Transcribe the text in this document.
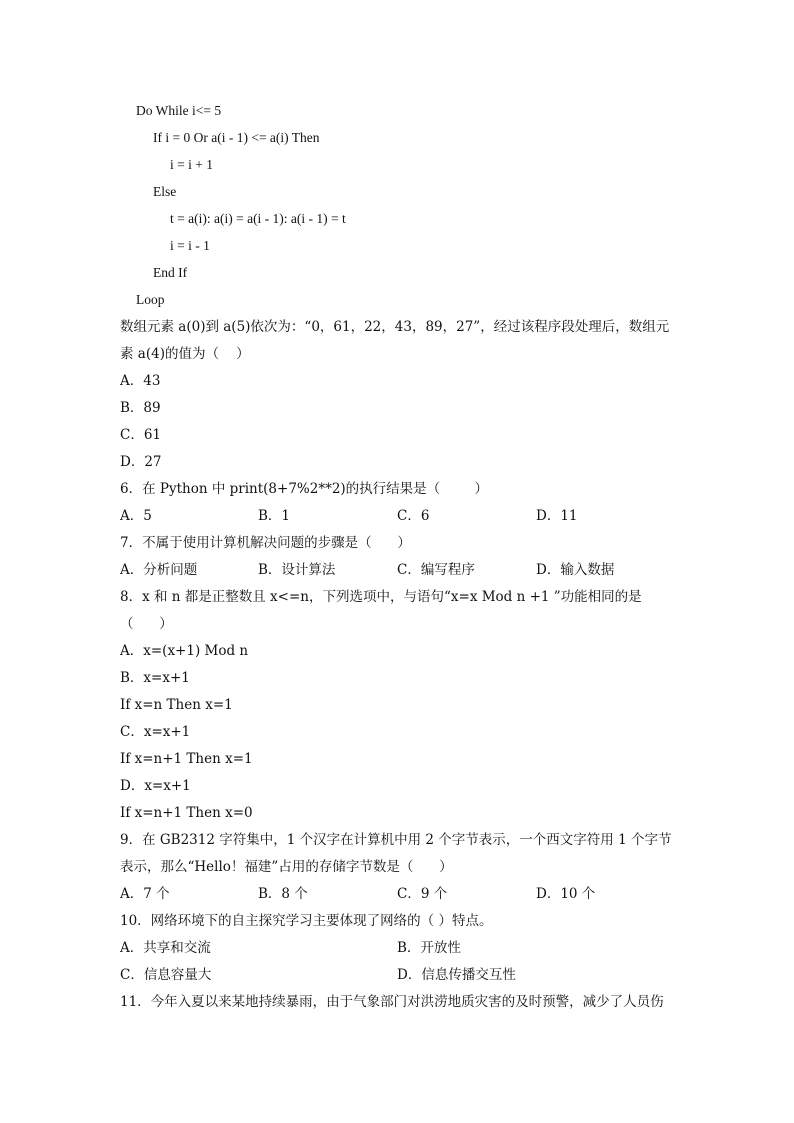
Do While i<= 5
If i = 0 Or a(i - 1) <= a(i) Then
i = i + 1
Else
t = a(i): a(i) = a(i - 1): a(i - 1) = t
i = i - 1
End If
Loop
数组元素 a(0)到 a(5)依次为：“0，61，22，43，89，27”，经过该程序段处理后，数组元
素 a(4)的值为（    ）
A．43
B．89
C．61
D．27
6．在 Python 中 print(8+7%2**2)的执行结果是（        ）
A．5	B．1	C．6	D．11
7．不属于使用计算机解决问题的步骤是（      ）
A．分析问题	B．设计算法	C．编写程序	D．输入数据
8．x 和 n 都是正整数且 x<=n，下列选项中，与语句“x=x Mod n +1 ”功能相同的是
（      ）
A．x=(x+1) Mod n
B．x=x+1
If x=n Then x=1
C．x=x+1
If x=n+1 Then x=1
D．x=x+1
If x=n+1 Then x=0
9．在 GB2312 字符集中，1 个汉字在计算机中用 2 个字节表示，一个西文字符用 1 个字节
表示，那么“Hello！福建”占用的存储字节数是（      ）
A．7 个	B．8 个	C．9 个	D．10 个
10．网络环境下的自主探究学习主要体现了网络的（ ）特点。
A．共享和交流	B．开放性
C．信息容量大	D．信息传播交互性
11．今年入夏以来某地持续暴雨，由于气象部门对洪涝地质灾害的及时预警，减少了人员伤
